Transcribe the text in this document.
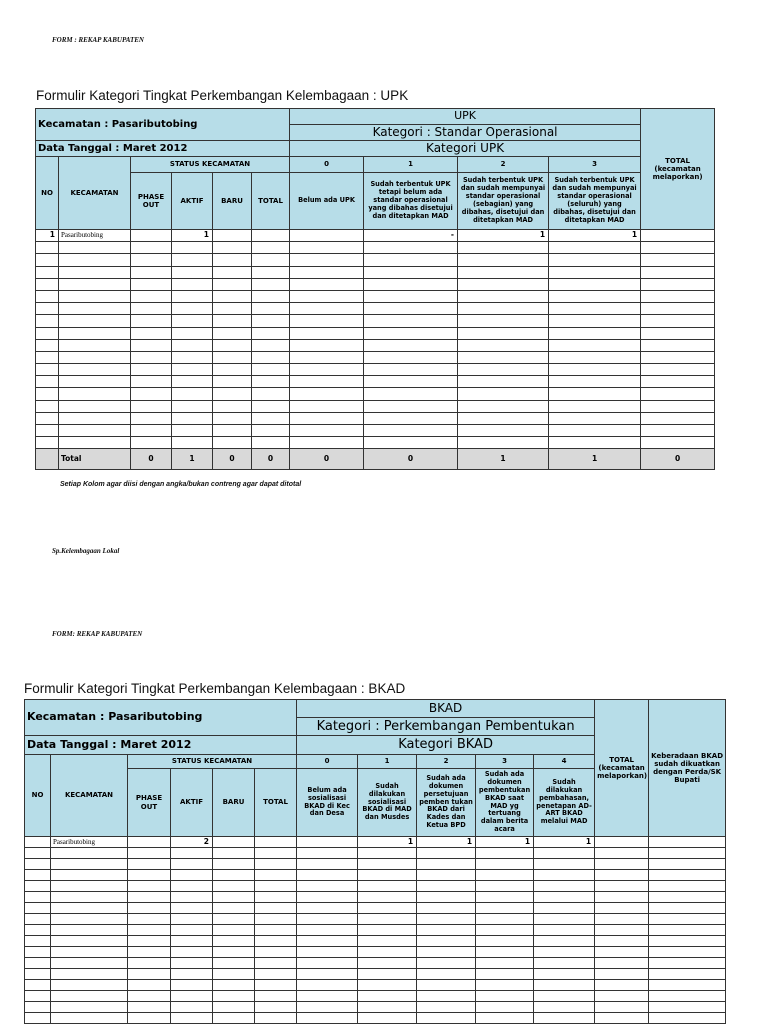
FORM : REKAP KABUPATEN
Formulir Kategori Tingkat Perkembangan Kelembagaan : UPK
Kecamatan : Pasaributobing						UPK				TOTAL (kecamatan melaporkan)
						Kategori : Standar Operasional				
Data Tanggal : Maret 2012						Kategori UPK				
NO	KECAMATAN	STATUS KECAMATAN				0	1	2	3	
		PHASE OUT	AKTIF	BARU	TOTAL	Belum ada UPK	Sudah terbentuk UPK tetapi belum ada standar operasional yang dibahas disetujui dan ditetapkan MAD	Sudah terbentuk UPK dan sudah mempunyai standar operasional (sebagian) yang dibahas, disetujui dan ditetapkan MAD	Sudah terbentuk UPK dan sudah mempunyai standar operasional (seluruh) yang dibahas, disetujui dan ditetapkan MAD	
1	Pasaributobing		1				-	1	1	

	Total	0	1	0	0	0	0	1	1	0
Setiap Kolom agar diisi dengan angka/bukan contreng agar dapat ditotal
Sp.Kelembagaan Lokal
FORM: REKAP KABUPATEN
Formulir Kategori Tingkat Perkembangan Kelembagaan : BKAD
Kecamatan : Pasaributobing						BKAD					TOTAL (kecamatan melaporkan)	Keberadaan BKAD sudah dikuatkan dengan Perda/SK Bupati
						Kategori : Perkembangan Pembentukan						
Data Tanggal : Maret 2012						Kategori BKAD						
NO	KECAMATAN	STATUS KECAMATAN				0	1	2	3	4		
		PHASE OUT	AKTIF	BARU	TOTAL	Belum ada sosialisasi BKAD di Kec dan Desa	Sudah dilakukan sosialisasi BKAD di MAD dan Musdes	Sudah ada dokumen persetujuan pemben tukan BKAD dari Kades dan Ketua BPD	Sudah ada dokumen pembentukan BKAD saat MAD yg tertuang dalam berita acara	Sudah dilakukan pembahasan, penetapan AD-ART BKAD melalui MAD		
	Pasaributobing		2				1	1	1	1		
